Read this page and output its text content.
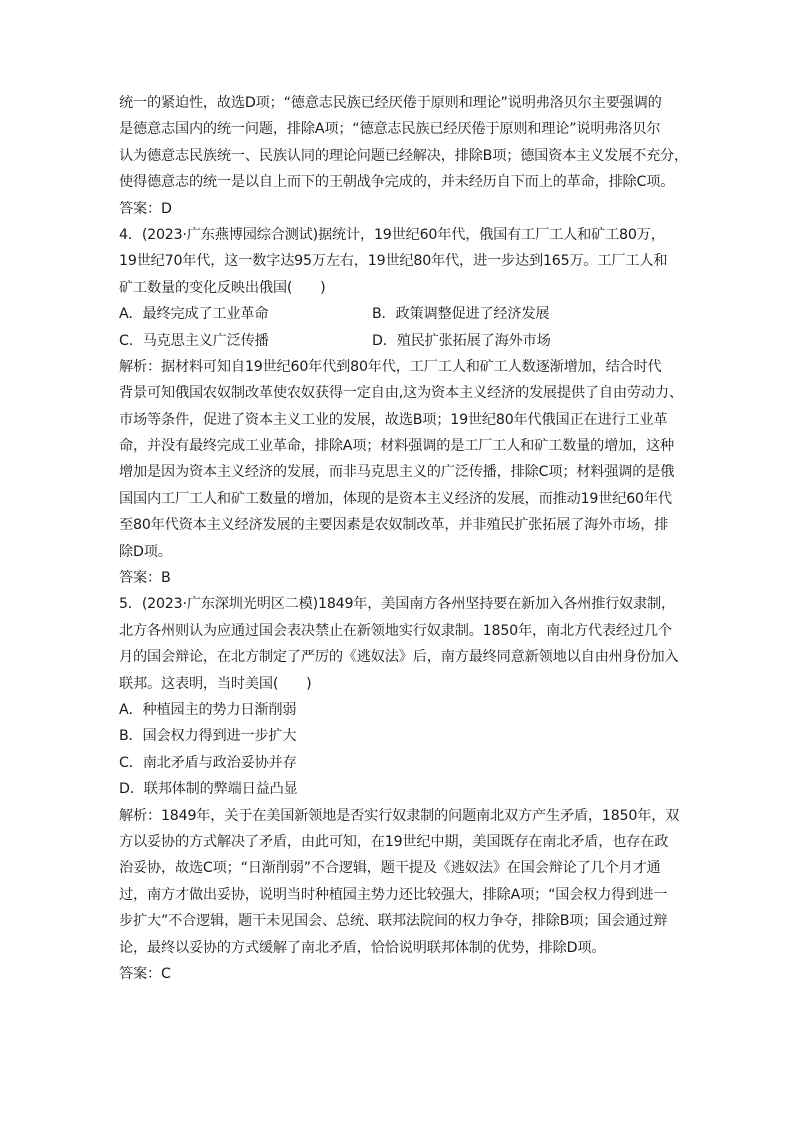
统一的紧迫性，故选D项；“德意志民族已经厌倦于原则和理论”说明弗洛贝尔主要强调的
是德意志国内的统一问题，排除A项；“德意志民族已经厌倦于原则和理论”说明弗洛贝尔
认为德意志民族统一、民族认同的理论问题已经解决，排除B项；德国资本主义发展不充分，
使得德意志的统一是以自上而下的王朝战争完成的，并未经历自下而上的革命，排除C项。
答案：D
4．(2023·广东燕博园综合测试)据统计，19世纪60年代，俄国有工厂工人和矿工80万，
19世纪70年代，这一数字达95万左右，19世纪80年代，进一步达到165万。工厂工人和
矿工数量的变化反映出俄国(　　)
A．最终完成了工业革命	B．政策调整促进了经济发展
C．马克思主义广泛传播	D．殖民扩张拓展了海外市场
解析：据材料可知自19世纪60年代到80年代，工厂工人和矿工人数逐渐增加，结合时代
背景可知俄国农奴制改革使农奴获得一定自由,这为资本主义经济的发展提供了自由劳动力、
市场等条件，促进了资本主义工业的发展，故选B项；19世纪80年代俄国正在进行工业革
命，并没有最终完成工业革命，排除A项；材料强调的是工厂工人和矿工数量的增加，这种
增加是因为资本主义经济的发展，而非马克思主义的广泛传播，排除C项；材料强调的是俄
国国内工厂工人和矿工数量的增加，体现的是资本主义经济的发展，而推动19世纪60年代
至80年代资本主义经济发展的主要因素是农奴制改革，并非殖民扩张拓展了海外市场，排
除D项。
答案：B
5．(2023·广东深圳光明区二模)1849年，美国南方各州坚持要在新加入各州推行奴隶制，
北方各州则认为应通过国会表决禁止在新领地实行奴隶制。1850年，南北方代表经过几个
月的国会辩论，在北方制定了严厉的《逃奴法》后，南方最终同意新领地以自由州身份加入
联邦。这表明，当时美国(　　)
A．种植园主的势力日渐削弱
B．国会权力得到进一步扩大
C．南北矛盾与政治妥协并存
D．联邦体制的弊端日益凸显
解析：1849年，关于在美国新领地是否实行奴隶制的问题南北双方产生矛盾，1850年，双
方以妥协的方式解决了矛盾，由此可知，在19世纪中期，美国既存在南北矛盾，也存在政
治妥协，故选C项；“日渐削弱”不合逻辑，题干提及《逃奴法》在国会辩论了几个月才通
过，南方才做出妥协，说明当时种植园主势力还比较强大，排除A项；“国会权力得到进一
步扩大”不合逻辑，题干未见国会、总统、联邦法院间的权力争夺，排除B项；国会通过辩
论，最终以妥协的方式缓解了南北矛盾，恰恰说明联邦体制的优势，排除D项。
答案：C
